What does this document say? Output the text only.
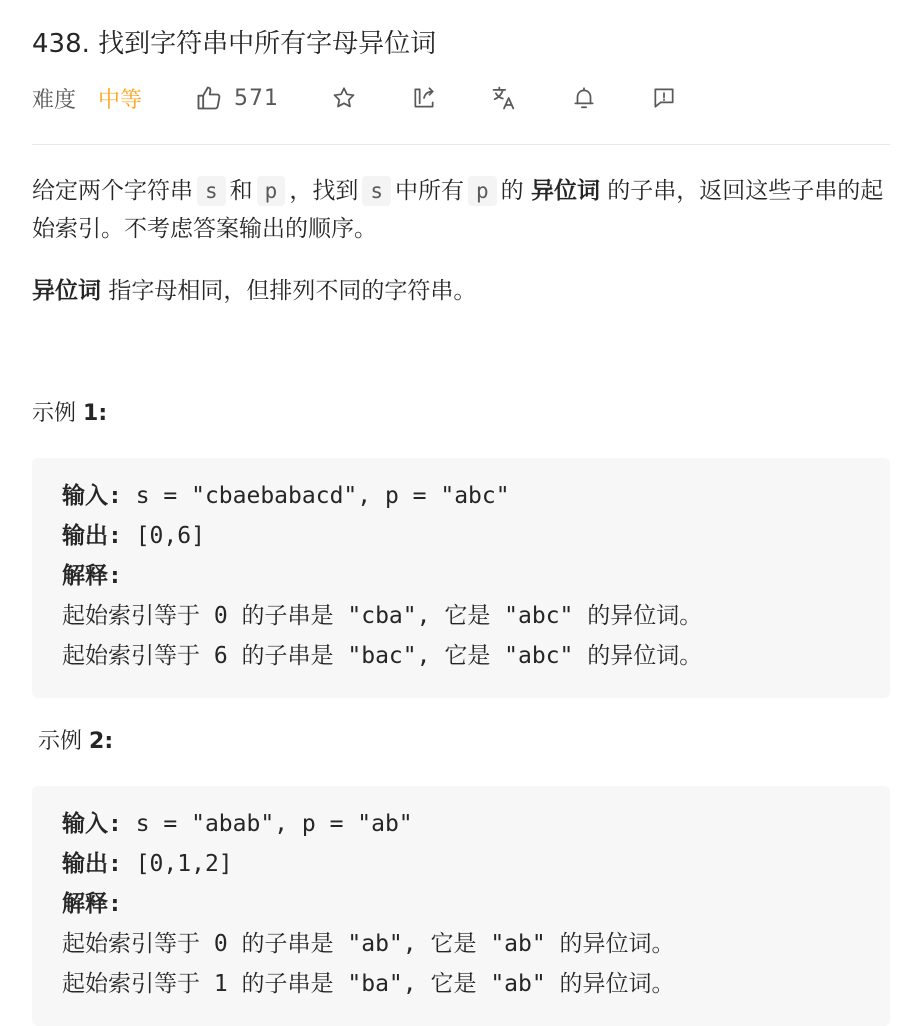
438. 找到字符串中所有字母异位词
难度 中等	571

给定两个字符串 s 和 p ，找到 s 中所有 p 的 异位词 的子串，返回这些子串的起始索引。不考虑答案输出的顺序。

异位词 指字母相同，但排列不同的字符串。
示例 1:
输入: s = "cbaebabacd", p = "abc"
输出: [0,6]
解释:
起始索引等于 0 的子串是 "cba", 它是 "abc" 的异位词。
起始索引等于 6 的子串是 "bac", 它是 "abc" 的异位词。
示例 2:
输入: s = "abab", p = "ab"
输出: [0,1,2]
解释:
起始索引等于 0 的子串是 "ab", 它是 "ab" 的异位词。
起始索引等于 1 的子串是 "ba", 它是 "ab" 的异位词。
